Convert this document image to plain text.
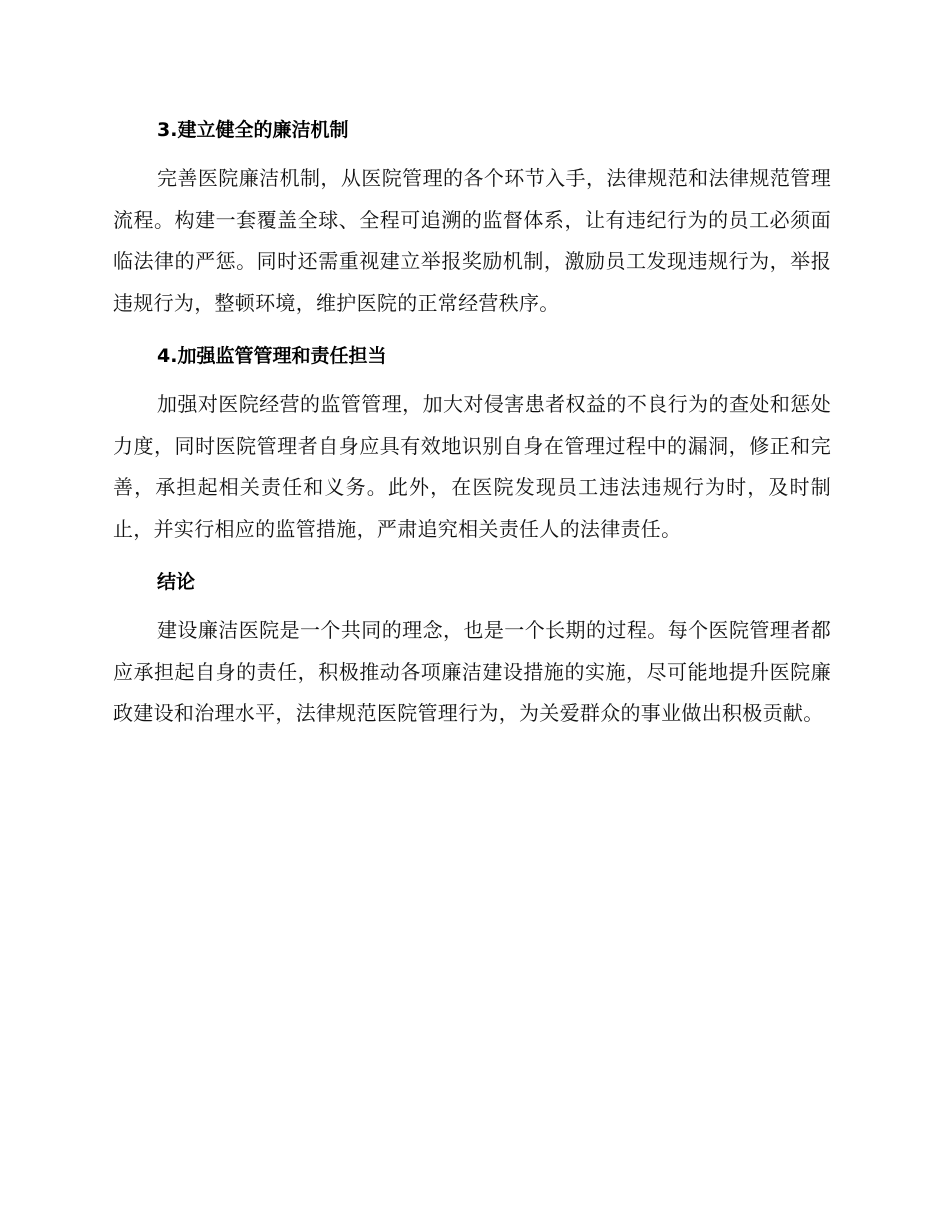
3.建立健全的廉洁机制

完善医院廉洁机制，从医院管理的各个环节入手，法律规范和法律规范管理流程。构建一套覆盖全球、全程可追溯的监督体系，让有违纪行为的员工必须面临法律的严惩。同时还需重视建立举报奖励机制，激励员工发现违规行为，举报违规行为，整顿环境，维护医院的正常经营秩序。

4.加强监管管理和责任担当

加强对医院经营的监管管理，加大对侵害患者权益的不良行为的查处和惩处力度，同时医院管理者自身应具有效地识别自身在管理过程中的漏洞，修正和完善，承担起相关责任和义务。此外，在医院发现员工违法违规行为时，及时制止，并实行相应的监管措施，严肃追究相关责任人的法律责任。

结论

建设廉洁医院是一个共同的理念，也是一个长期的过程。每个医院管理者都应承担起自身的责任，积极推动各项廉洁建设措施的实施，尽可能地提升医院廉政建设和治理水平，法律规范医院管理行为，为关爱群众的事业做出积极贡献。
